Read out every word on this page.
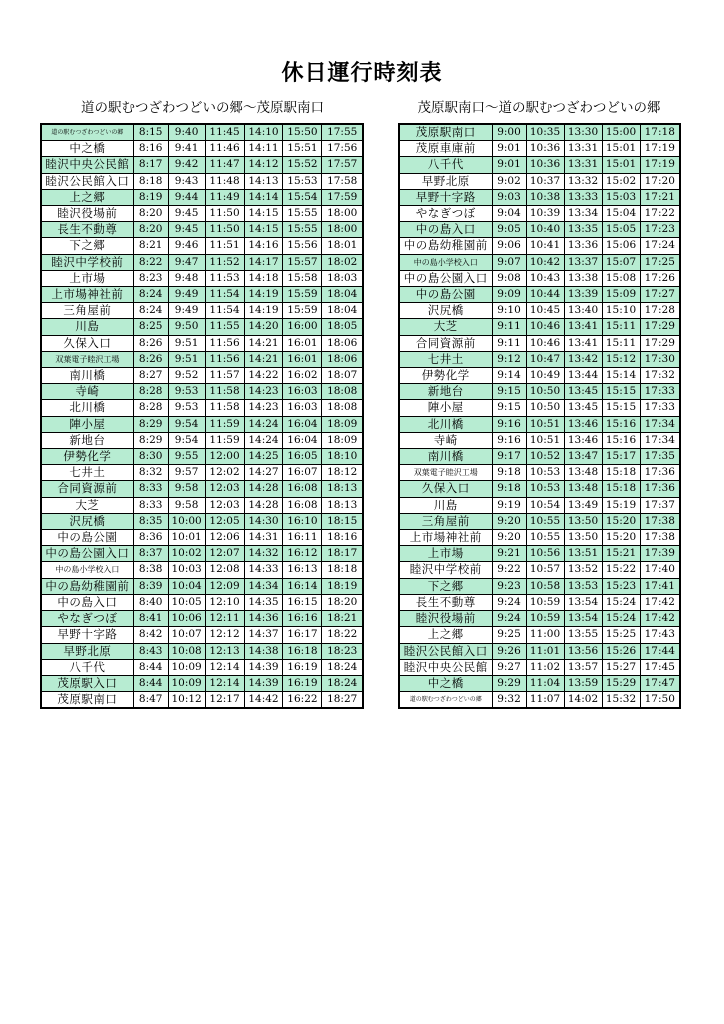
休日運行時刻表
道の駅むつざわつどいの郷～茂原駅南口	茂原駅南口～道の駅むつざわつどいの郷
道の駅むつざわつどいの郷	8:15	9:40	11:45	14:10	15:50	17:55
中之橋	8:16	9:41	11:46	14:11	15:51	17:56
睦沢中央公民館	8:17	9:42	11:47	14:12	15:52	17:57
睦沢公民館入口	8:18	9:43	11:48	14:13	15:53	17:58
上之郷	8:19	9:44	11:49	14:14	15:54	17:59
睦沢役場前	8:20	9:45	11:50	14:15	15:55	18:00
長生不動尊	8:20	9:45	11:50	14:15	15:55	18:00
下之郷	8:21	9:46	11:51	14:16	15:56	18:01
睦沢中学校前	8:22	9:47	11:52	14:17	15:57	18:02
上市場	8:23	9:48	11:53	14:18	15:58	18:03
上市場神社前	8:24	9:49	11:54	14:19	15:59	18:04
三角屋前	8:24	9:49	11:54	14:19	15:59	18:04
川島	8:25	9:50	11:55	14:20	16:00	18:05
久保入口	8:26	9:51	11:56	14:21	16:01	18:06
双葉電子睦沢工場	8:26	9:51	11:56	14:21	16:01	18:06
南川橋	8:27	9:52	11:57	14:22	16:02	18:07
寺崎	8:28	9:53	11:58	14:23	16:03	18:08
北川橋	8:28	9:53	11:58	14:23	16:03	18:08
陣小屋	8:29	9:54	11:59	14:24	16:04	18:09
新地台	8:29	9:54	11:59	14:24	16:04	18:09
伊勢化学	8:30	9:55	12:00	14:25	16:05	18:10
七井土	8:32	9:57	12:02	14:27	16:07	18:12
合同資源前	8:33	9:58	12:03	14:28	16:08	18:13
大芝	8:33	9:58	12:03	14:28	16:08	18:13
沢尻橋	8:35	10:00	12:05	14:30	16:10	18:15
中の島公園	8:36	10:01	12:06	14:31	16:11	18:16
中の島公園入口	8:37	10:02	12:07	14:32	16:12	18:17
中の島小学校入口	8:38	10:03	12:08	14:33	16:13	18:18
中の島幼稚園前	8:39	10:04	12:09	14:34	16:14	18:19
中の島入口	8:40	10:05	12:10	14:35	16:15	18:20
やなぎつぼ	8:41	10:06	12:11	14:36	16:16	18:21
早野十字路	8:42	10:07	12:12	14:37	16:17	18:22
早野北原	8:43	10:08	12:13	14:38	16:18	18:23
八千代	8:44	10:09	12:14	14:39	16:19	18:24
茂原駅入口	8:44	10:09	12:14	14:39	16:19	18:24
茂原駅南口	8:47	10:12	12:17	14:42	16:22	18:27
茂原駅南口	9:00	10:35	13:30	15:00	17:18
茂原車庫前	9:01	10:36	13:31	15:01	17:19
八千代	9:01	10:36	13:31	15:01	17:19
早野北原	9:02	10:37	13:32	15:02	17:20
早野十字路	9:03	10:38	13:33	15:03	17:21
やなぎつぼ	9:04	10:39	13:34	15:04	17:22
中の島入口	9:05	10:40	13:35	15:05	17:23
中の島幼稚園前	9:06	10:41	13:36	15:06	17:24
中の島小学校入口	9:07	10:42	13:37	15:07	17:25
中の島公園入口	9:08	10:43	13:38	15:08	17:26
中の島公園	9:09	10:44	13:39	15:09	17:27
沢尻橋	9:10	10:45	13:40	15:10	17:28
大芝	9:11	10:46	13:41	15:11	17:29
合同資源前	9:11	10:46	13:41	15:11	17:29
七井土	9:12	10:47	13:42	15:12	17:30
伊勢化学	9:14	10:49	13:44	15:14	17:32
新地台	9:15	10:50	13:45	15:15	17:33
陣小屋	9:15	10:50	13:45	15:15	17:33
北川橋	9:16	10:51	13:46	15:16	17:34
寺崎	9:16	10:51	13:46	15:16	17:34
南川橋	9:17	10:52	13:47	15:17	17:35
双葉電子睦沢工場	9:18	10:53	13:48	15:18	17:36
久保入口	9:18	10:53	13:48	15:18	17:36
川島	9:19	10:54	13:49	15:19	17:37
三角屋前	9:20	10:55	13:50	15:20	17:38
上市場神社前	9:20	10:55	13:50	15:20	17:38
上市場	9:21	10:56	13:51	15:21	17:39
睦沢中学校前	9:22	10:57	13:52	15:22	17:40
下之郷	9:23	10:58	13:53	15:23	17:41
長生不動尊	9:24	10:59	13:54	15:24	17:42
睦沢役場前	9:24	10:59	13:54	15:24	17:42
上之郷	9:25	11:00	13:55	15:25	17:43
睦沢公民館入口	9:26	11:01	13:56	15:26	17:44
睦沢中央公民館	9:27	11:02	13:57	15:27	17:45
中之橋	9:29	11:04	13:59	15:29	17:47
道の駅むつざわつどいの郷	9:32	11:07	14:02	15:32	17:50
